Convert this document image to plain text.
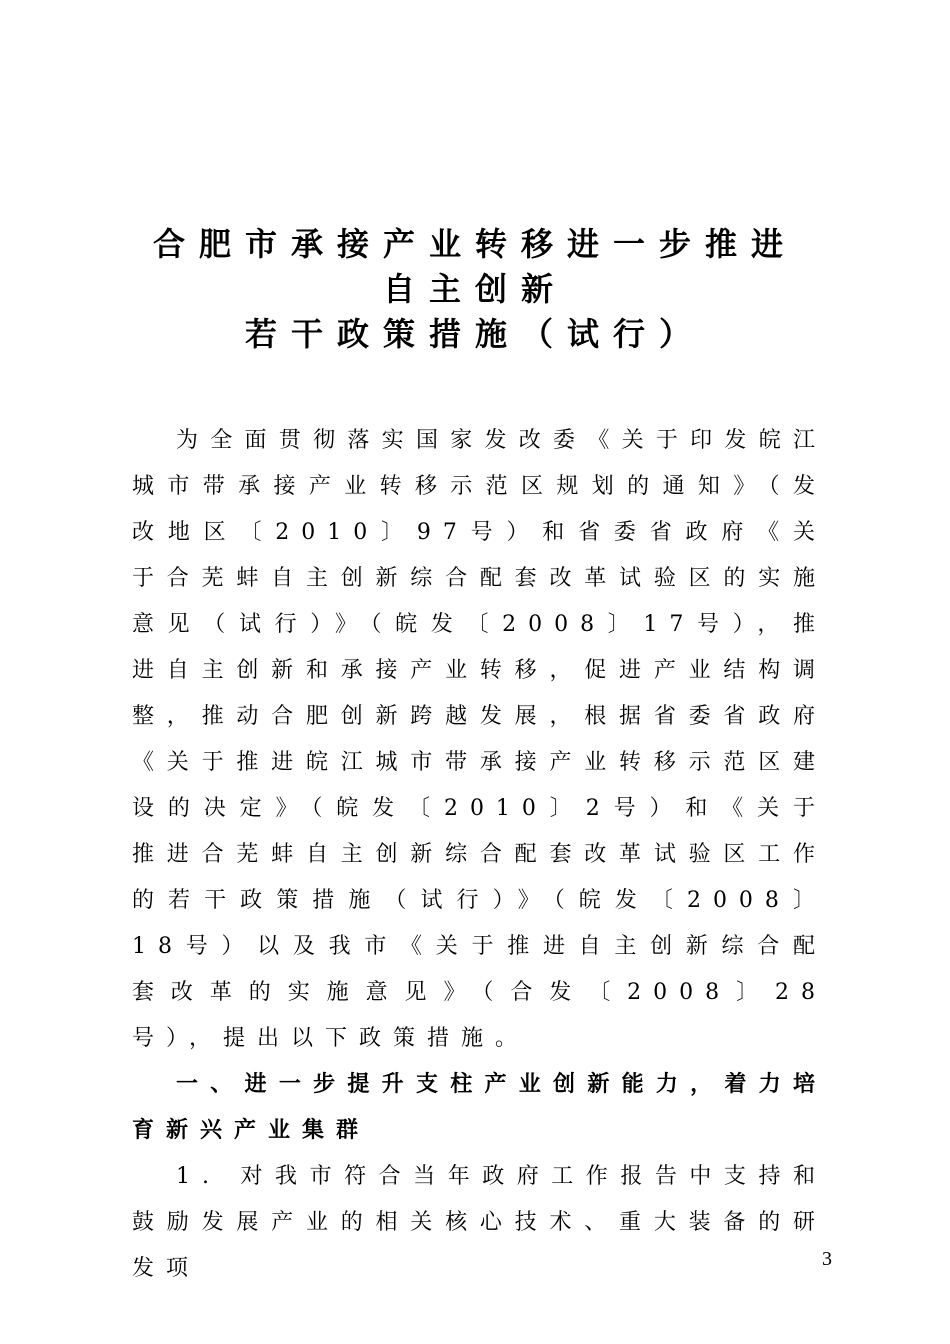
合肥市承接产业转移进一步推进
自主创新
若干政策措施（试行）

为全面贯彻落实国家发改委《关于印发皖江城市带承接产业转移示范区规划的通知》（发改地区〔2010〕97号）和省委省政府《关于合芜蚌自主创新综合配套改革试验区的实施意见（试行）》（皖发〔2008〕17号），推进自主创新和承接产业转移，促进产业结构调整，推动合肥创新跨越发展，根据省委省政府《关于推进皖江城市带承接产业转移示范区建设的决定》（皖发〔2010〕2号）和《关于推进合芜蚌自主创新综合配套改革试验区工作的若干政策措施（试行）》（皖发〔2008〕18号）以及我市《关于推进自主创新综合配套改革的实施意见》（合发〔2008〕28号），提出以下政策措施。

一、进一步提升支柱产业创新能力，着力培育新兴产业集群

1. 对我市符合当年政府工作报告中支持和鼓励发展产业的相关核心技术、重大装备的研发项	3
